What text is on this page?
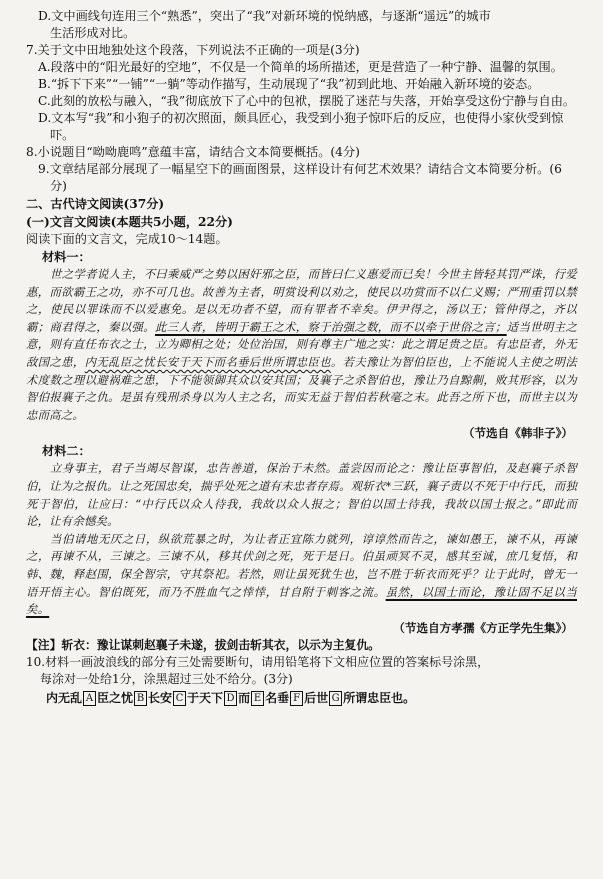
D.文中画线句连用三个“熟悉”，突出了“我”对新环境的悦纳感，与逐渐“遥远”的城市
生活形成对比。
7.关于文中田地独处这个段落，下列说法不正确的一项是(3分)
A.段落中的“阳光最好的空地”，不仅是一个简单的场所描述，更是营造了一种宁静、温馨的氛围。
B.“拆下下来”“一铺”“一躺”等动作描写，生动展现了“我”初到此地、开始融入新环境的姿态。
C.此刻的放松与融入，“我”彻底放下了心中的包袱，摆脱了迷茫与失落，开始享受这份宁静与自由。
D.文本写“我”和小狍子的初次照面，颇具匠心，我受到小狍子惊吓后的反应，也使得小家伙受到惊吓。
8.小说题目“呦呦鹿鸣”意蕴丰富，请结合文本简要概括。(4分)
9.文章结尾部分展现了一幅星空下的画面图景，这样设计有何艺术效果？请结合文本简要分析。(6分)
二、古代诗文阅读(37分)
(一)文言文阅读(本题共5小题，22分)
阅读下面的文言文，完成10～14题。
材料一：

世之学者说人主，不曰乘威严之势以困奸邪之臣，而皆曰仁义惠爱而已矣！今世主皆轻其罚严诛，行爱惠，而欲霸王之功，亦不可几也。故善为主者，明赏设利以劝之，使民以功赏而不以仁义赐；严刑重罚以禁之，使民以罪诛而不以爱惠免。是以无功者不望，而有罪者不幸矣。伊尹得之，汤以王；管仲得之，齐以霸；商君得之，秦以强。此三人者，皆明于霸王之术，察于治强之数，而不以牵于世俗之言；适当世明主之意，则有直任布衣之士，立为卿相之处；处位治国，则有尊主广地之实：此之谓足贵之臣。有忠臣者，外无敌国之患，内无乱臣之忧长安于天下而名垂后世所谓忠臣也。若夫豫让为智伯臣也，上不能说人主使之明法术度数之理以避祸难之患，下不能领御其众以安其国；及襄子之杀智伯也，豫让乃自黥劓，败其形容，以为智伯报襄子之仇。是虽有残刑杀身以为人主之名，而实无益于智伯若秋毫之末。此吾之所下也，而世主以为忠而高之。

（节选自《韩非子》）
材料二：

立身事主，君子当竭尽智谋，忠告善道，保治于未然。盖尝因而论之：豫让臣事智伯，及赵襄子杀智伯，让为之报仇。让之死国忠矣，揣乎处死之道有未忠者存焉。观斩衣*三跃，襄子责以不死于中行氏，而独死于智伯，让应曰：“中行氏以众人待我，我故以众人报之；智伯以国士待我，我故以国士报之。”即此而论，让有余憾矣。

当伯请地无厌之日，纵欲荒暴之时，为让者正宜陈力就列，谆谆然而告之，谏如愚王，谏不从，再谏之，再谏不从，三谏之。三谏不从，移其伏剑之死，死于是日。伯虽顽冥不灵，感其至诚，庶几复悟，和韩、魏，释赵围，保全智宗，守其祭祀。若然，则让虽死犹生也，岂不胜于斩衣而死乎？让于此时，曾无一语开悟主心。智伯既死，而乃不胜血气之悻悻，甘自附于刺客之流。虽然，以国士而论，豫让固不足以当矣。

（节选自方孝孺《方正学先生集》）
【注】斩衣：豫让谋刺赵襄子未遂，拔剑击斩其衣，以示为主复仇。
10.材料一画波浪线的部分有三处需要断句，请用铅笔将下文相应位置的答案标号涂黑，
每涂对一处给1分，涂黑超过三处不给分。(3分)
内无乱 A 臣之忧 B 长安 C 于天下 D 而 E 名垂 F 后世 G 所谓忠臣也。
